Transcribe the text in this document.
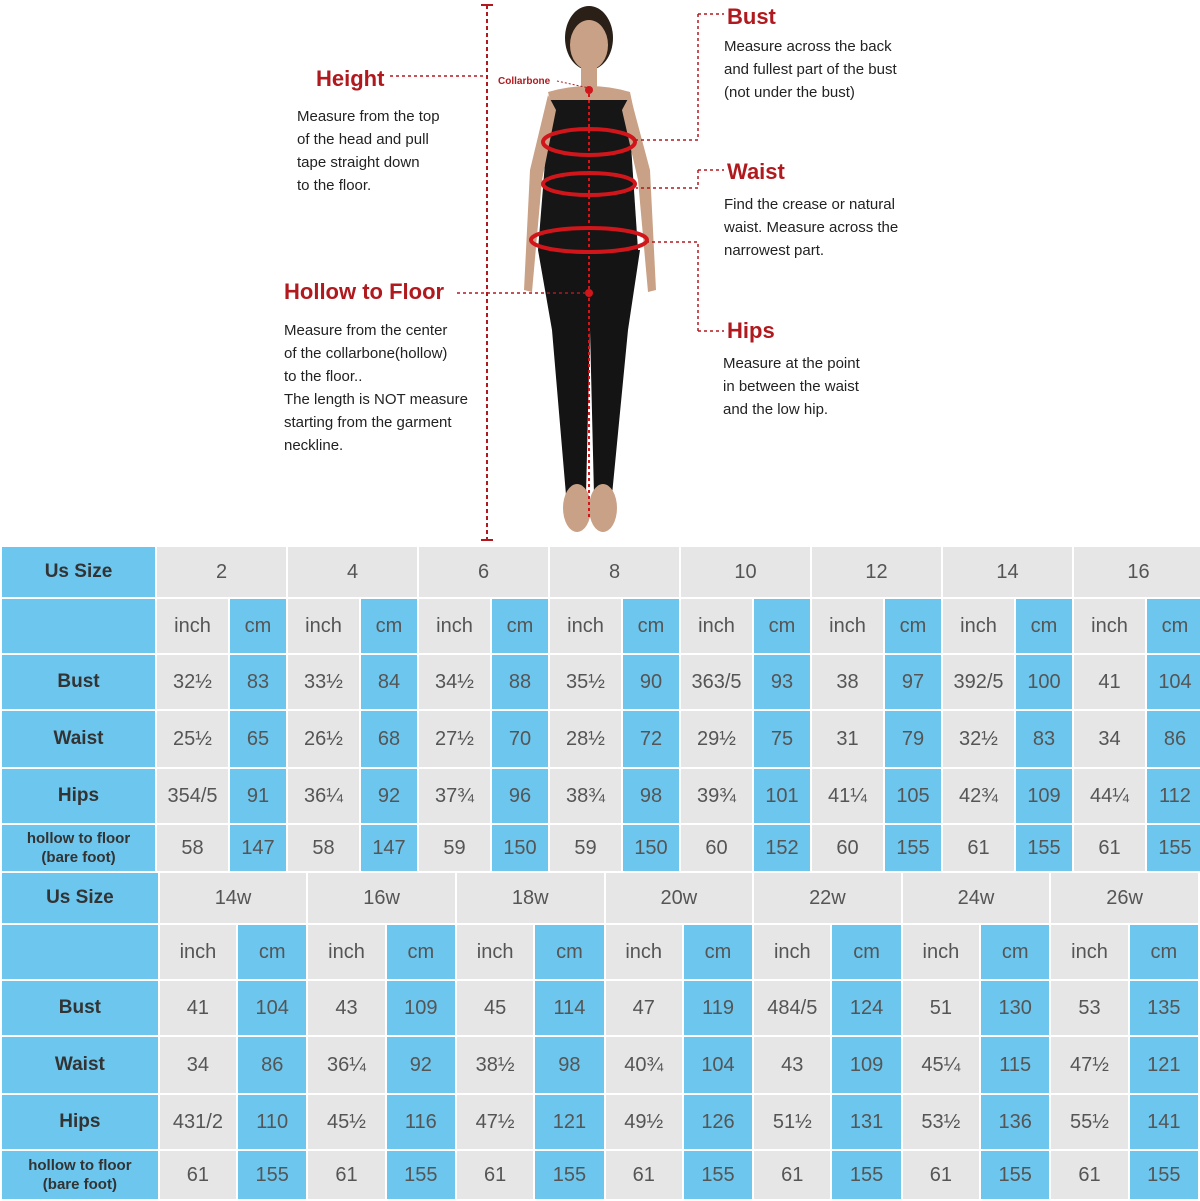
Collarbone
Height
Measure from the top
of the head and pull
tape straight down
to the floor.
Hollow to Floor
Measure from the center
of the collarbone(hollow)
to the floor..
The length is NOT measure
starting from the garment
neckline.
Bust
Measure across the back
and fullest part of the bust
(not under the bust)
Waist
Find the crease or natural
waist. Measure across the
narrowest part.
Hips
Measure at the point
in between the waist
and the low hip.
Us Size	2		4		6		8		10		12		14		16	
	inch	cm	inch	cm	inch	cm	inch	cm	inch	cm	inch	cm	inch	cm	inch	cm
Bust	32½	83	33½	84	34½	88	35½	90	363/5	93	38	97	392/5	100	41	104
Waist	25½	65	26½	68	27½	70	28½	72	29½	75	31	79	32½	83	34	86
Hips	354/5	91	36¼	92	37¾	96	38¾	98	39¾	101	41¼	105	42¾	109	44¼	112

hollow to floor
(bare foot)	58	147	58	147	59	150	59	150	60	152	60	155	61	155	61	155
Us Size	14w		16w		18w		20w		22w		24w		26w	
	inch	cm	inch	cm	inch	cm	inch	cm	inch	cm	inch	cm	inch	cm
Bust	41	104	43	109	45	114	47	119	484/5	124	51	130	53	135
Waist	34	86	36¼	92	38½	98	40¾	104	43	109	45¼	115	47½	121
Hips	431/2	110	45½	116	47½	121	49½	126	51½	131	53½	136	55½	141

hollow to floor
(bare foot)	61	155	61	155	61	155	61	155	61	155	61	155	61	155
